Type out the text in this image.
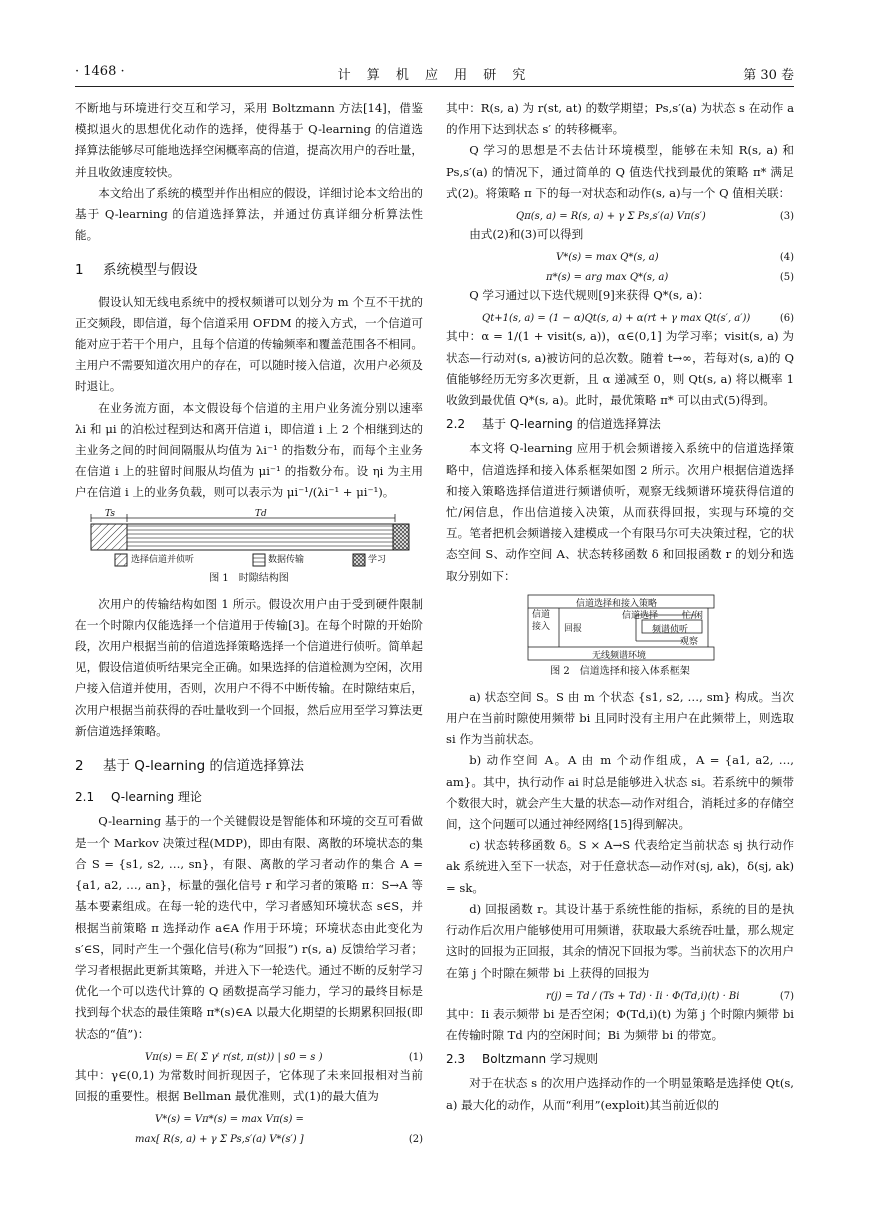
· 1468 ·	计 算 机 应 用 研 究	第 30 卷

不断地与环境进行交互和学习，采用 Boltzmann 方法[14]，借鉴模拟退火的思想优化动作的选择，使得基于 Q-learning 的信道选择算法能够尽可能地选择空闲概率高的信道，提高次用户的吞吐量，并且收敛速度较快。

本文给出了系统的模型并作出相应的假设，详细讨论本文给出的基于 Q-learning 的信道选择算法，并通过仿真详细分析算法性能。

1 系统模型与假设

假设认知无线电系统中的授权频谱可以划分为 m 个互不干扰的正交频段，即信道，每个信道采用 OFDM 的接入方式，一个信道可能对应于若干个用户，且每个信道的传输频率和覆盖范围各不相同。主用户不需要知道次用户的存在，可以随时接入信道，次用户必须及时退让。

在业务流方面，本文假设每个信道的主用户业务流分别以速率 λi 和 μi 的泊松过程到达和离开信道 i，即信道 i 上 2 个相继到达的主业务之间的时间间隔服从均值为 λi⁻¹ 的指数分布，而每个主业务在信道 i 上的驻留时间服从均值为 μi⁻¹ 的指数分布。设 ηi 为主用户在信道 i 上的业务负载，则可以表示为 μi⁻¹/(λi⁻¹ + μi⁻¹)。

Ts	Td
选择信道并侦听	数据传输	学习
图 1　时隙结构图

次用户的传输结构如图 1 所示。假设次用户由于受到硬件限制在一个时隙内仅能选择一个信道用于传输[3]。在每个时隙的开始阶段，次用户根据当前的信道选择策略选择一个信道进行侦听。简单起见，假设信道侦听结果完全正确。如果选择的信道检测为空闲，次用户接入信道并使用，否则，次用户不得不中断传输。在时隙结束后，次用户根据当前获得的吞吐量收到一个回报，然后应用至学习算法更新信道选择策略。

2 基于 Q-learning 的信道选择算法
2.1 Q-learning 理论

Q-learning 基于的一个关键假设是智能体和环境的交互可看做是一个 Markov 决策过程(MDP)，即由有限、离散的环境状态的集合 S = {s1, s2, …, sn}，有限、离散的学习者动作的集合 A = {a1, a2, …, an}，标量的强化信号 r 和学习者的策略 π：S→A 等基本要素组成。在每一轮的迭代中，学习者感知环境状态 s∈S，并根据当前策略 π 选择动作 a∈A 作用于环境；环境状态由此变化为 s′∈S，同时产生一个强化信号(称为“回报”) r(s, a) 反馈给学习者；学习者根据此更新其策略，并进入下一轮迭代。通过不断的反射学习优化一个可以迭代计算的 Q 函数提高学习能力，学习的最终目标是找到每个状态的最佳策略 π*(s)∈A 以最大化期望的长期累积回报(即状态的“值”)：

Vπ(s) = E( Σ γᵗ r(st, π(st)) | s0 = s )	(1)

其中：γ∈(0,1) 为常数时间折现因子，它体现了未来回报相对当前回报的重要性。根据 Bellman 最优准则，式(1)的最大值为

V*(s) = Vπ*(s) = max Vπ(s) =
max[ R(s, a) + γ Σ Ps,s′(a) V*(s′) ]	(2)

其中：R(s, a) 为 r(st, at) 的数学期望；Ps,s′(a) 为状态 s 在动作 a 的作用下达到状态 s′ 的转移概率。

Q 学习的思想是不去估计环境模型，能够在未知 R(s, a) 和 Ps,s′(a) 的情况下，通过简单的 Q 值迭代找到最优的策略 π* 满足式(2)。将策略 π 下的每一对状态和动作(s, a)与一个 Q 值相关联：

Qπ(s, a) = R(s, a) + γ Σ Ps,s′(a) Vπ(s′)	(3)

由式(2)和(3)可以得到

V*(s) = max Q*(s, a)	(4)
π*(s) = arg max Q*(s, a)	(5)

Q 学习通过以下迭代规则[9]来获得 Q*(s, a)：

Qt+1(s, a) = (1 − α)Qt(s, a) + α(rt + γ max Qt(s′, a′))	(6)

其中：α = 1/(1 + visit(s, a))，α∈(0,1] 为学习率；visit(s, a) 为状态—行动对(s, a)被访问的总次数。随着 t→∞，若每对(s, a)的 Q 值能够经历无穷多次更新，且 α 递减至 0，则 Qt(s, a) 将以概率 1 收敛到最优值 Q*(s, a)。此时，最优策略 π* 可以由式(5)得到。

2.2 基于 Q-learning 的信道选择算法

本文将 Q-learning 应用于机会频谱接入系统中的信道选择策略中，信道选择和接入体系框架如图 2 所示。次用户根据信道选择和接入策略选择信道进行频谱侦听，观察无线频谱环境获得信道的忙/闲信息，作出信道接入决策，从而获得回报，实现与环境的交互。笔者把机会频谱接入建模成一个有限马尔可夫决策过程，它的状态空间 S、动作空间 A、状态转移函数 δ 和回报函数 r 的划分和选取分别如下：

信道选择和接入策略
信道接入	回报
信道选择	忙/闲
频谱侦听
观察
无线频谱环境
图 2　信道选择和接入体系框架

a) 状态空间 S。S 由 m 个状态 {s1, s2, …, sm} 构成。当次用户在当前时隙使用频带 bi 且同时没有主用户在此频带上，则选取 si 作为当前状态。

b) 动作空间 A。A 由 m 个动作组成，A = {a1, a2, …, am}。其中，执行动作 ai 时总是能够进入状态 si。若系统中的频带个数很大时，就会产生大量的状态—动作对组合，消耗过多的存储空间，这个问题可以通过神经网络[15]得到解决。

c) 状态转移函数 δ。S × A→S 代表给定当前状态 sj 执行动作 ak 系统进入至下一状态，对于任意状态—动作对(sj, ak)，δ(sj, ak) = sk。

d) 回报函数 r。其设计基于系统性能的指标，系统的目的是执行动作后次用户能够使用可用频谱，获取最大系统吞吐量，那么规定这时的回报为正回报，其余的情况下回报为零。当前状态下的次用户在第 j 个时隙在频带 bi 上获得的回报为

r(j) = Td / (Ts + Td) · Ii · Φ(Td,i)(t) · Bi	(7)

其中：Ii 表示频带 bi 是否空闲；Φ(Td,i)(t) 为第 j 个时隙内频带 bi 在传输时隙 Td 内的空闲时间；Bi 为频带 bi 的带宽。

2.3 Boltzmann 学习规则

对于在状态 s 的次用户选择动作的一个明显策略是选择使 Qt(s, a) 最大化的动作，从而“利用”(exploit)其当前近似的
